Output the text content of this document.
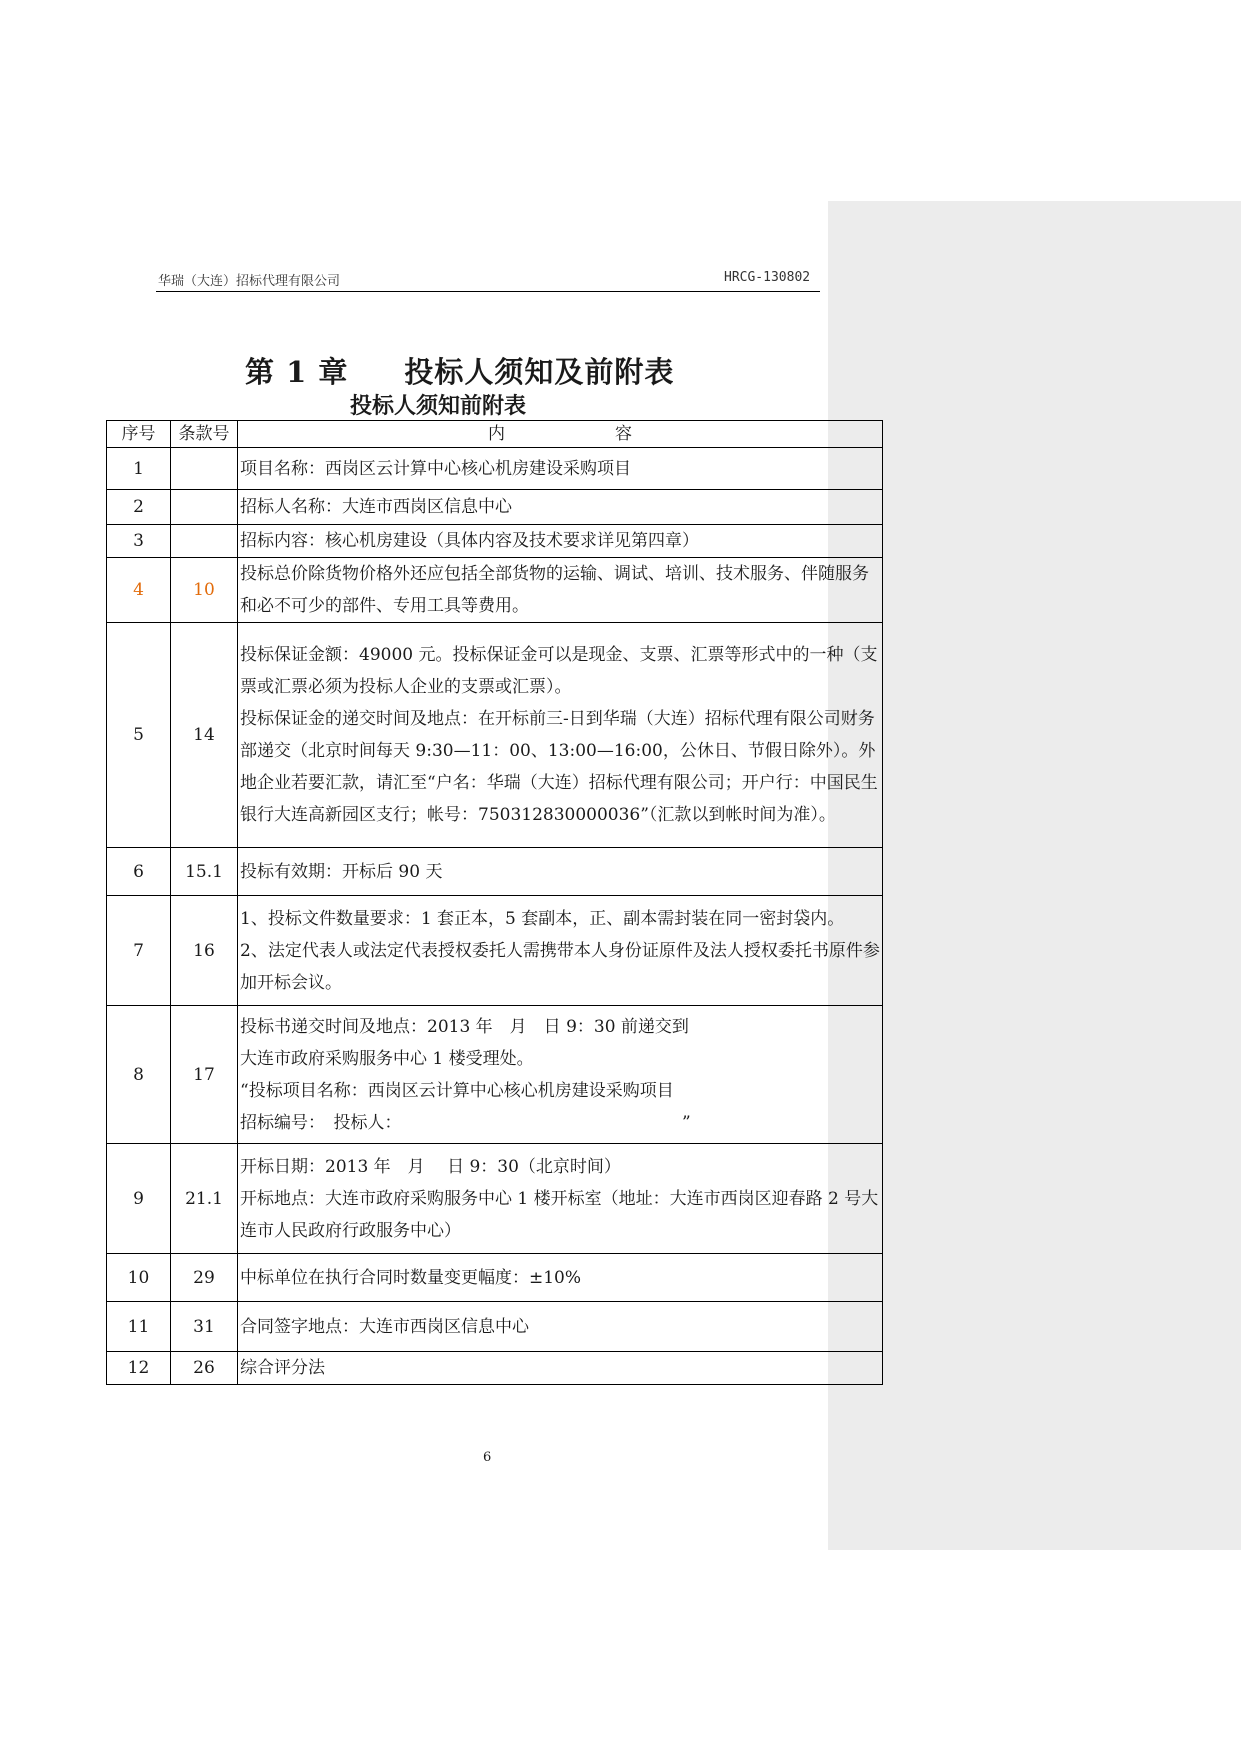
华瑞（大连）招标代理有限公司	HRCG-130802
第 1 章 投标人须知及前附表
投标人须知前附表
序号	条款号	内 容
1		项目名称：西岗区云计算中心核心机房建设采购项目

2		招标人名称：大连市西岗区信息中心

3		招标内容：核心机房建设（具体内容及技术要求详见第四章）

4	10	投标总价除货物价格外还应包括全部货物的运输、调试、培训、技术服务、伴随服务和必不可少的部件、专用工具等费用。

5	14	投标保证金额：49000 元。投标保证金可以是现金、支票、汇票等形式中的一种（支票或汇票必须为投标人企业的支票或汇票）。
投标保证金的递交时间及地点：在开标前三-日到华瑞（大连）招标代理有限公司财务部递交（北京时间每天 9:30—11：00、13:00—16:00，公休日、节假日除外）。外地企业若要汇款，请汇至“户名：华瑞（大连）招标代理有限公司；开户行：中国民生银行大连高新园区支行；帐号：750312830000036”（汇款以到帐时间为准）。

6	15.1	投标有效期：开标后 90 天

7	16	1、投标文件数量要求：1 套正本，5 套副本，正、副本需封装在同一密封袋内。
2、法定代表人或法定代表授权委托人需携带本人身份证原件及法人授权委托书原件参加开标会议。

8	17	投标书递交时间及地点：2013 年　月　日 9：30 前递交到
大连市政府采购服务中心 1 楼受理处。
“投标项目名称：西岗区云计算中心核心机房建设采购项目
招标编号：　投标人：　　　　　　　　　　　　　　　　　”

9	21.1	开标日期：2013 年　月　 日 9：30（北京时间）
开标地点：大连市政府采购服务中心 1 楼开标室（地址：大连市西岗区迎春路 2 号大连市人民政府行政服务中心）

10	29	中标单位在执行合同时数量变更幅度：±10%

11	31	合同签字地点：大连市西岗区信息中心

12	26	综合评分法
6
